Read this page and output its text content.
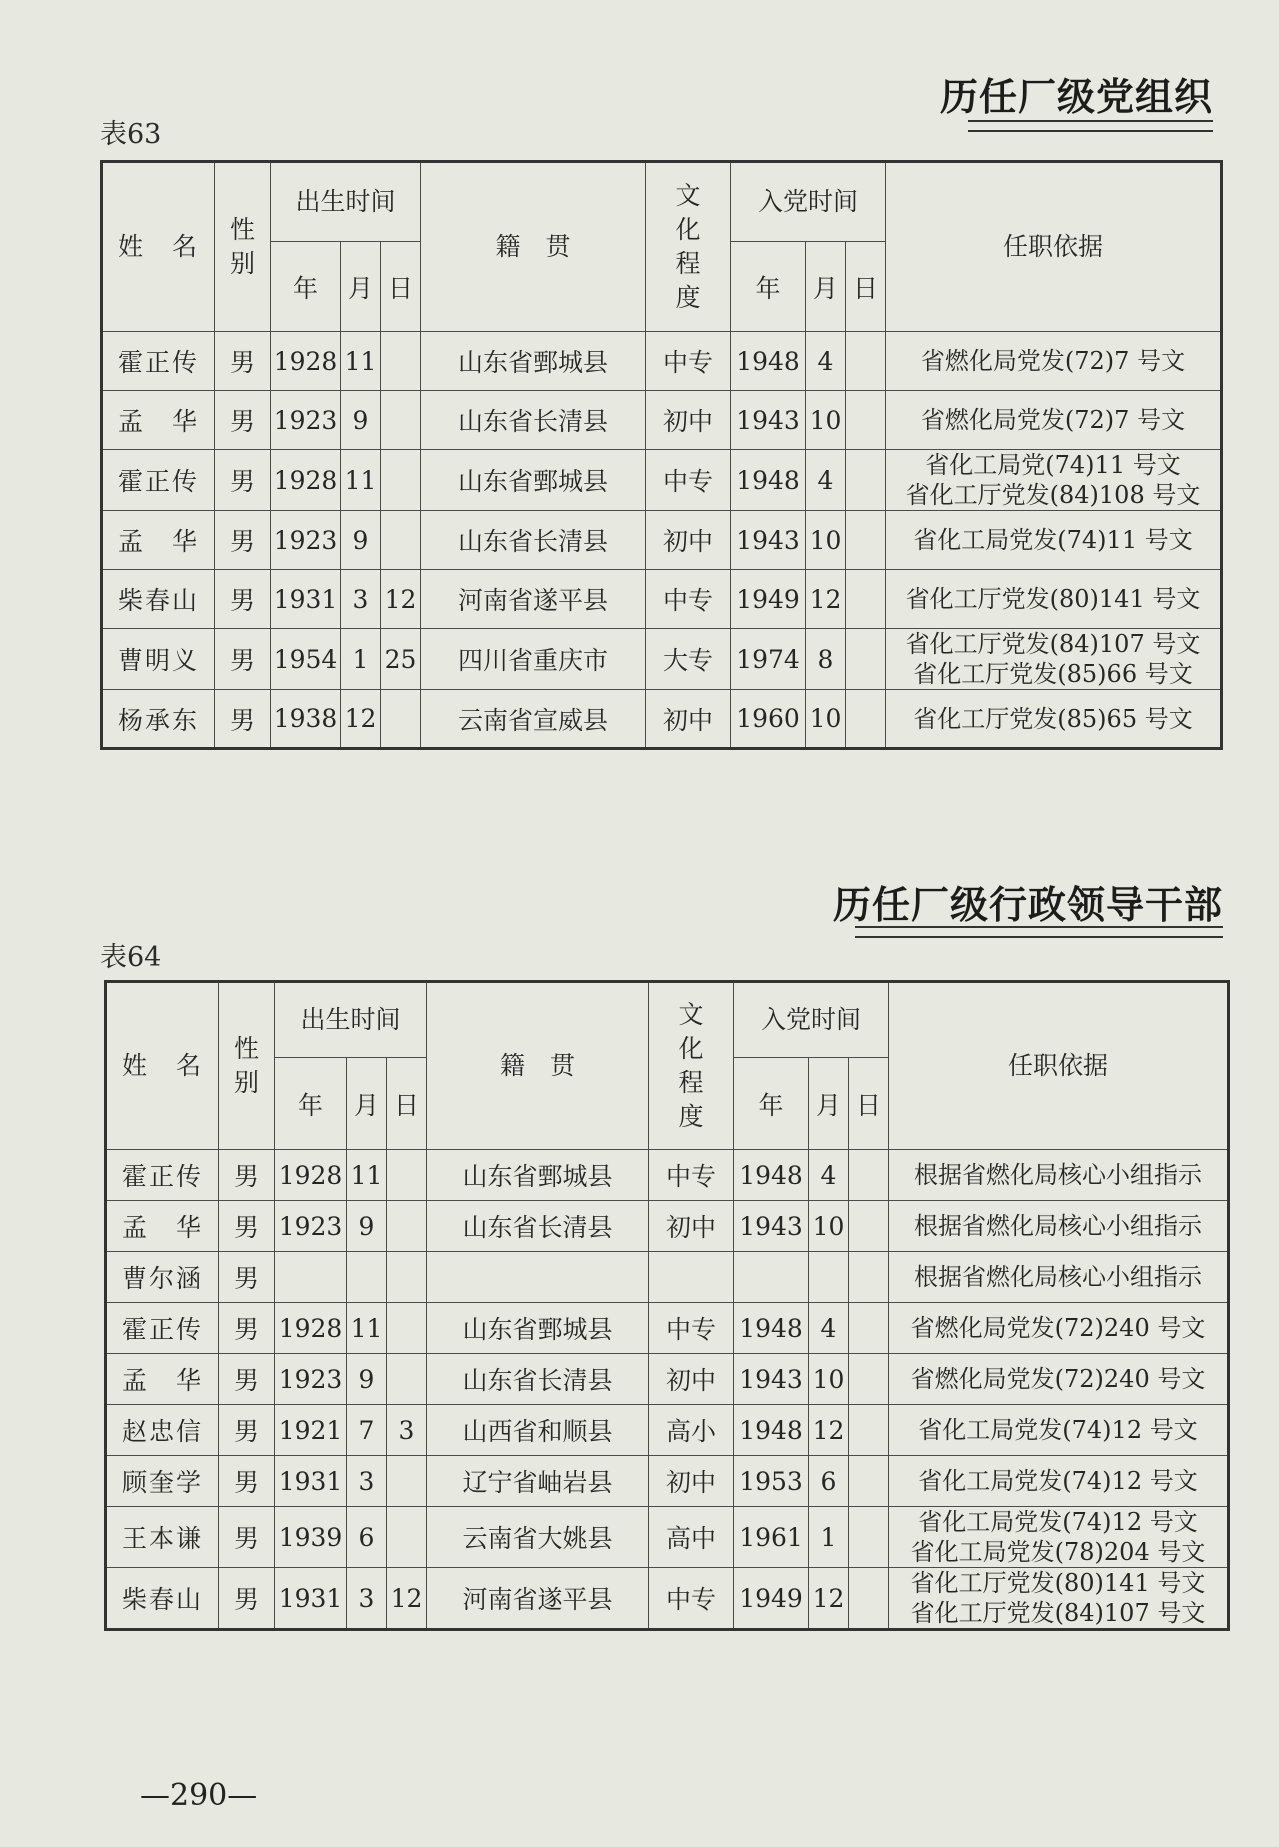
历任厂级党组织
表63
姓　名	性别	出生时间			籍　贯	文化程度	入党时间			任职依据
		年	月	日			年	月	日	
霍正传	男	1928	11		山东省鄄城县	中专	1948	4		省燃化局党发(72)7 号文

孟　华	男	1923	9		山东省长清县	初中	1943	10		省燃化局党发(72)7 号文

霍正传	男	1928	11		山东省鄄城县	中专	1948	4		省化工局党(74)11 号文
省化工厅党发(84)108 号文

孟　华	男	1923	9		山东省长清县	初中	1943	10		省化工局党发(74)11 号文

柴春山	男	1931	3	12	河南省遂平县	中专	1949	12		省化工厅党发(80)141 号文

曹明义	男	1954	1	25	四川省重庆市	大专	1974	8		省化工厅党发(84)107 号文
省化工厅党发(85)66 号文

杨承东	男	1938	12		云南省宣威县	初中	1960	10		省化工厅党发(85)65 号文
历任厂级行政领导干部
表64
姓　名	性别	出生时间			籍　贯	文化程度	入党时间			任职依据
		年	月	日			年	月	日	
霍正传	男	1928	11		山东省鄄城县	中专	1948	4		根据省燃化局核心小组指示

孟　华	男	1923	9		山东省长清县	初中	1943	10		根据省燃化局核心小组指示

曹尔涵	男									根据省燃化局核心小组指示

霍正传	男	1928	11		山东省鄄城县	中专	1948	4		省燃化局党发(72)240 号文

孟　华	男	1923	9		山东省长清县	初中	1943	10		省燃化局党发(72)240 号文

赵忠信	男	1921	7	3	山西省和顺县	高小	1948	12		省化工局党发(74)12 号文

顾奎学	男	1931	3		辽宁省岫岩县	初中	1953	6		省化工局党发(74)12 号文

王本谦	男	1939	6		云南省大姚县	高中	1961	1		省化工局党发(74)12 号文
省化工局党发(78)204 号文

柴春山	男	1931	3	12	河南省遂平县	中专	1949	12		省化工厅党发(80)141 号文
省化工厅党发(84)107 号文
—290—
